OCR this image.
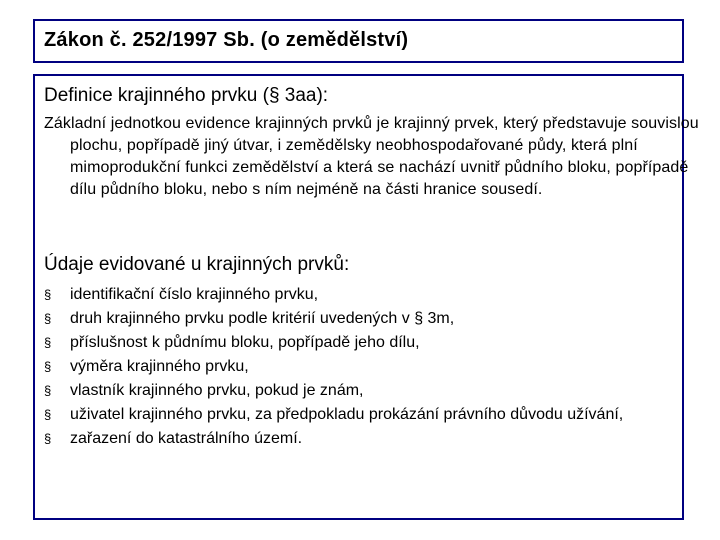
Zákon č. 252/1997 Sb. (o zemědělství)
Definice krajinného prvku (§ 3aa):
Základní jednotkou evidence krajinných prvků je krajinný prvek, který představuje souvislou plochu, popřípadě jiný útvar, i zemědělsky neobhospodařované půdy, která plní mimoprodukční funkci zemědělství a která se nachází uvnitř půdního bloku, popřípadě dílu půdního bloku, nebo s ním nejméně na části hranice sousedí.
Údaje evidované u krajinných prvků:
§ identifikační číslo krajinného prvku,
§ druh krajinného prvku podle kritérií uvedených v § 3m,
§ příslušnost k půdnímu bloku, popřípadě jeho dílu,
§ výměra krajinného prvku,
§ vlastník krajinného prvku, pokud je znám,
§ uživatel krajinného prvku, za předpokladu prokázání právního důvodu užívání,
§ zařazení do katastrálního území.
